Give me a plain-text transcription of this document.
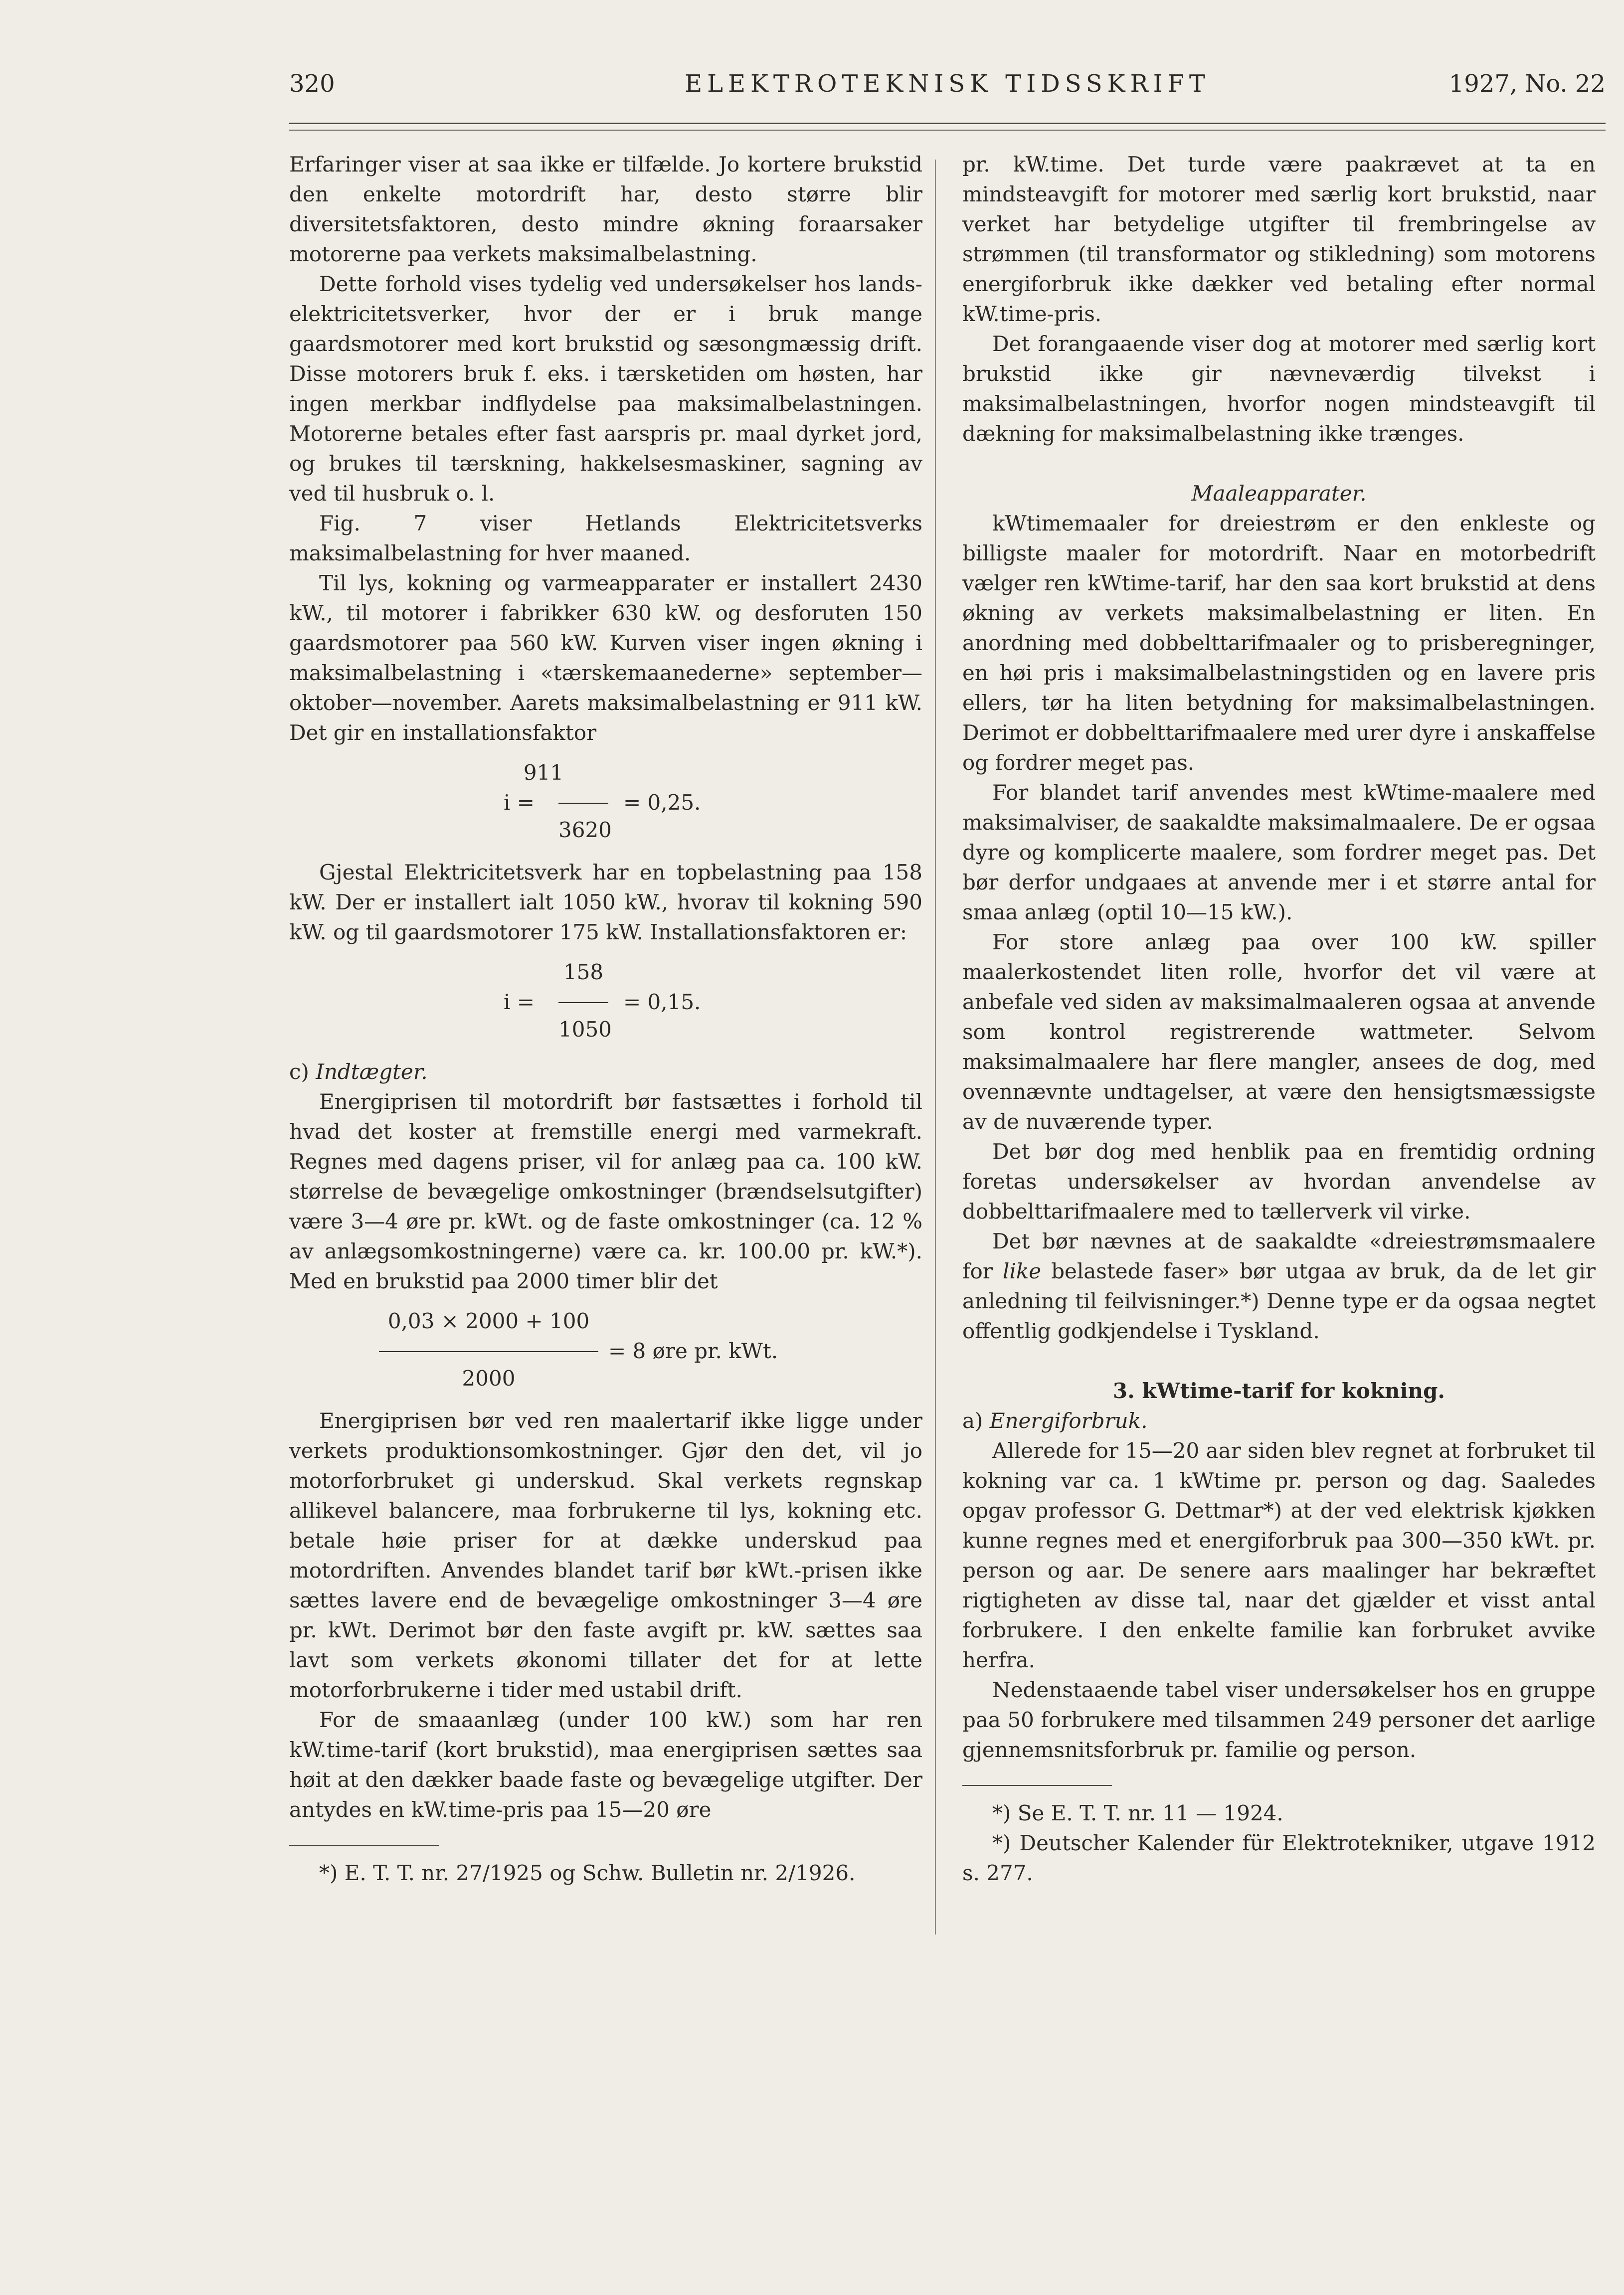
320	ELEKTROTEKNISK TIDSSKRIFT	1927, No. 22

Erfaringer viser at saa ikke er tilfælde. Jo kortere brukstid den enkelte motordrift har, desto større blir diversitetsfaktoren, desto mindre økning foraarsaker motorerne paa verkets maksimalbelastning.

Dette forhold vises tydelig ved undersøkelser hos lands-elektricitetsverker, hvor der er i bruk mange gaardsmotorer med kort brukstid og sæsongmæssig drift. Disse motorers bruk f. eks. i tærsketiden om høsten, har ingen merkbar indflydelse paa maksimalbelastningen. Motorerne betales efter fast aarspris pr. maal dyrket jord, og brukes til tærskning, hakkelsesmaskiner, sagning av ved til husbruk o. l.

Fig. 7 viser Hetlands Elektricitetsverks maksimalbelastning for hver maaned.

Til lys, kokning og varmeapparater er installert 2430 kW., til motorer i fabrikker 630 kW. og desforuten 150 gaardsmotorer paa 560 kW. Kurven viser ingen økning i maksimalbelastning i «tærskemaanederne» september—oktober—november. Aarets maksimalbelastning er 911 kW. Det gir en installationsfaktor

911
i =	= 0,25.
3620

Gjestal Elektricitetsverk har en topbelastning paa 158 kW. Der er installert ialt 1050 kW., hvorav til kokning 590 kW. og til gaardsmotorer 175 kW. Installationsfaktoren er:

158
i =	= 0,15.
1050

c) Indtægter.

Energiprisen til motordrift bør fastsættes i forhold til hvad det koster at fremstille energi med varmekraft. Regnes med dagens priser, vil for anlæg paa ca. 100 kW. størrelse de bevægelige omkostninger (brændselsutgifter) være 3—4 øre pr. kWt. og de faste omkostninger (ca. 12 % av anlægsomkostningerne) være ca. kr. 100.00 pr. kW.*). Med en brukstid paa 2000 timer blir det

0,03 × 2000 + 100
= 8 øre pr. kWt.
2000

Energiprisen bør ved ren maalertarif ikke ligge under verkets produktionsomkostninger. Gjør den det, vil jo motorforbruket gi underskud. Skal verkets regnskap allikevel balancere, maa forbrukerne til lys, kokning etc. betale høie priser for at dække underskud paa motordriften. Anvendes blandet tarif bør kWt.-prisen ikke sættes lavere end de bevægelige omkostninger 3—4 øre pr. kWt. Derimot bør den faste avgift pr. kW. sættes saa lavt som verkets økonomi tillater det for at lette motorforbrukerne i tider med ustabil drift.

For de smaaanlæg (under 100 kW.) som har ren kW.time-tarif (kort brukstid), maa energiprisen sættes saa høit at den dækker baade faste og bevægelige utgifter. Der antydes en kW.time-pris paa 15—20 øre

*) E. T. T. nr. 27/1925 og Schw. Bulletin nr. 2/1926.

pr. kW.time. Det turde være paakrævet at ta en mindsteavgift for motorer med særlig kort brukstid, naar verket har betydelige utgifter til frembringelse av strømmen (til transformator og stikledning) som motorens energiforbruk ikke dækker ved betaling efter normal kW.time-pris.

Det forangaaende viser dog at motorer med særlig kort brukstid ikke gir nævneværdig tilvekst i maksimalbelastningen, hvorfor nogen mindsteavgift til dækning for maksimalbelastning ikke trænges.

Maaleapparater.

kWtimemaaler for dreiestrøm er den enkleste og billigste maaler for motordrift. Naar en motorbedrift vælger ren kWtime-tarif, har den saa kort brukstid at dens økning av verkets maksimalbelastning er liten. En anordning med dobbelttarifmaaler og to prisberegninger, en høi pris i maksimalbelastningstiden og en lavere pris ellers, tør ha liten betydning for maksimalbelastningen. Derimot er dobbelttarifmaalere med urer dyre i anskaffelse og fordrer meget pas.

For blandet tarif anvendes mest kWtime-maalere med maksimalviser, de saakaldte maksimalmaalere. De er ogsaa dyre og komplicerte maalere, som fordrer meget pas. Det bør derfor undgaaes at anvende mer i et større antal for smaa anlæg (optil 10—15 kW.).

For store anlæg paa over 100 kW. spiller maalerkostendet liten rolle, hvorfor det vil være at anbefale ved siden av maksimalmaaleren ogsaa at anvende som kontrol registrerende wattmeter. Selvom maksimalmaalere har flere mangler, ansees de dog, med ovennævnte undtagelser, at være den hensigtsmæssigste av de nuværende typer.

Det bør dog med henblik paa en fremtidig ordning foretas undersøkelser av hvordan anvendelse av dobbelttarifmaalere med to tællerverk vil virke.

Det bør nævnes at de saakaldte «dreiestrømsmaalere for like belastede faser» bør utgaa av bruk, da de let gir anledning til feilvisninger.*) Denne type er da ogsaa negtet offentlig godkjendelse i Tyskland.

3. kWtime-tarif for kokning.

a) Energiforbruk.

Allerede for 15—20 aar siden blev regnet at forbruket til kokning var ca. 1 kWtime pr. person og dag. Saaledes opgav professor G. Dettmar*) at der ved elektrisk kjøkken kunne regnes med et energiforbruk paa 300—350 kWt. pr. person og aar. De senere aars maalinger har bekræftet rigtigheten av disse tal, naar det gjælder et visst antal forbrukere. I den enkelte familie kan forbruket avvike herfra.

Nedenstaaende tabel viser undersøkelser hos en gruppe paa 50 forbrukere med tilsammen 249 personer det aarlige gjennemsnitsforbruk pr. familie og person.

*) Se E. T. T. nr. 11 — 1924.

*) Deutscher Kalender für Elektrotekniker, utgave 1912 s. 277.
